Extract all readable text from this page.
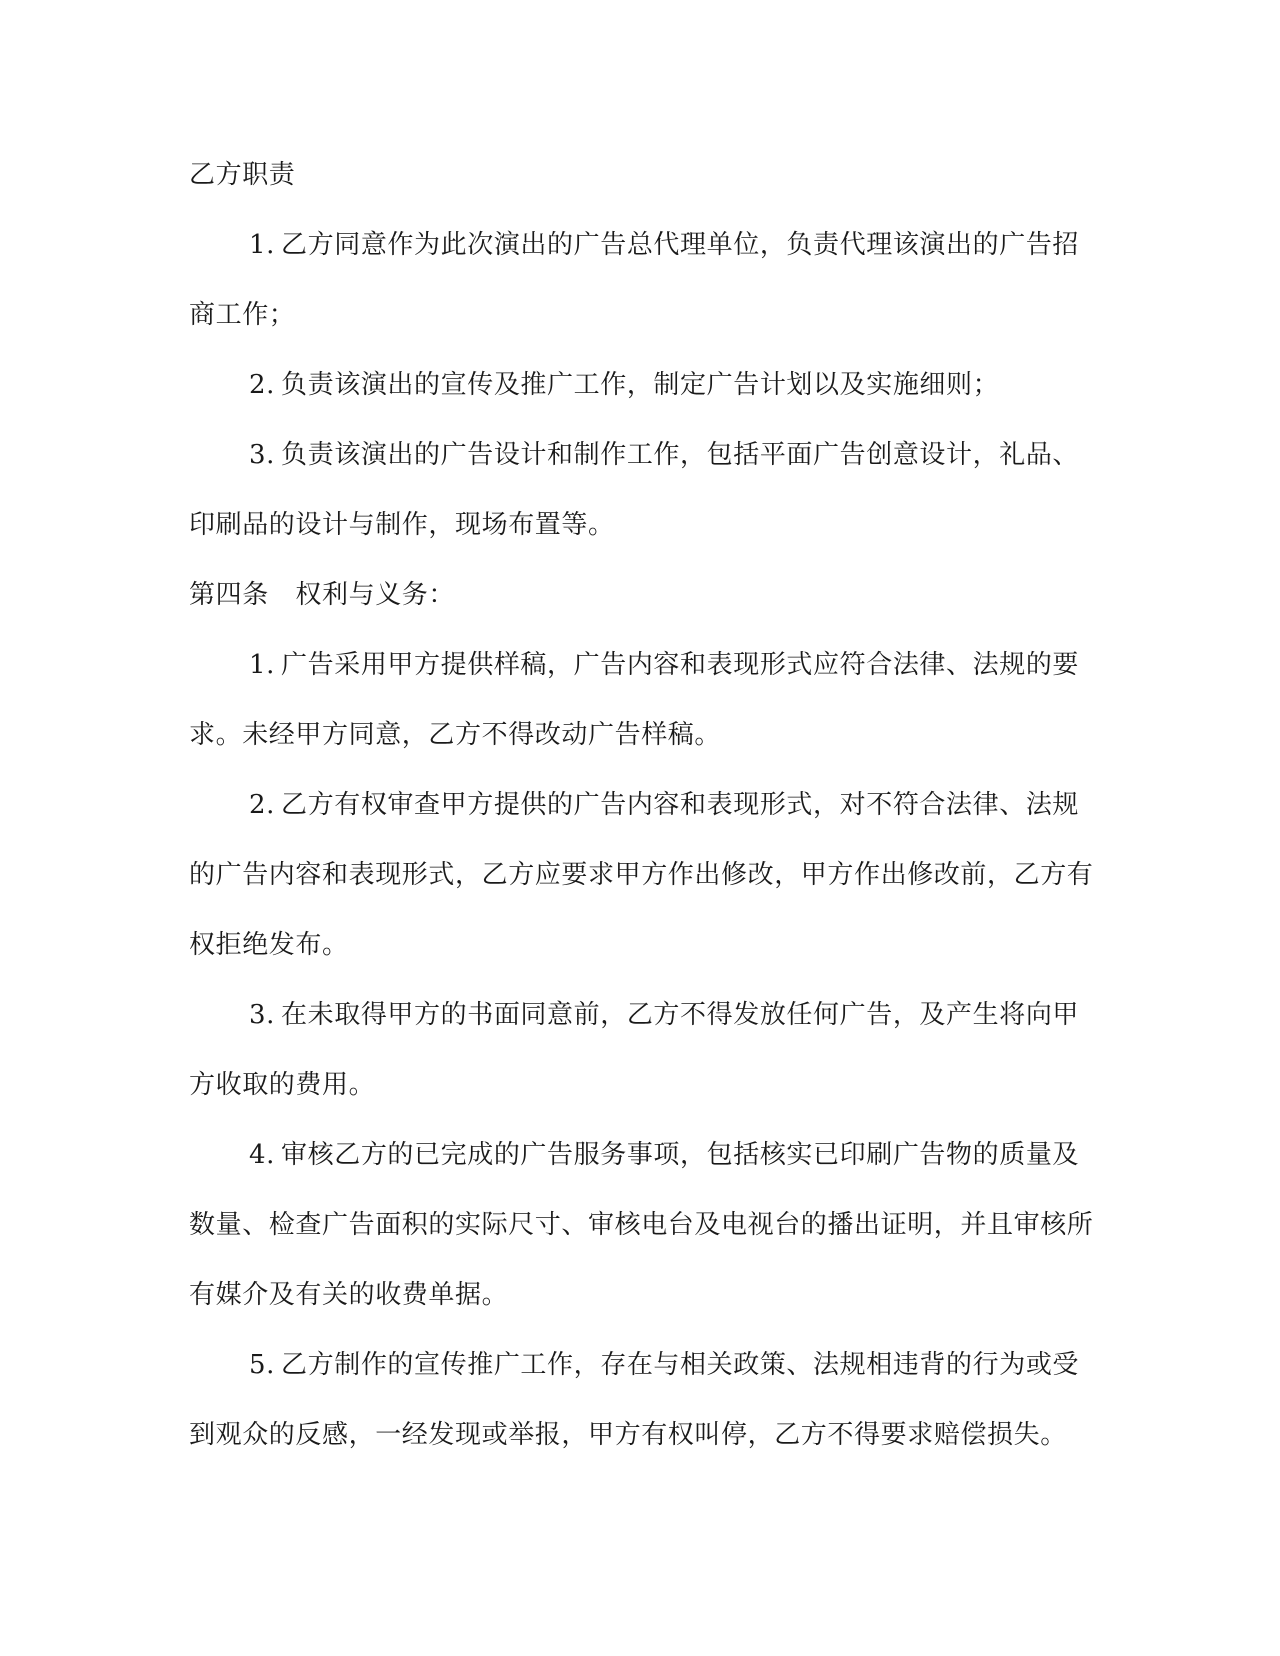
乙方职责

1. 乙方同意作为此次演出的广告总代理单位，负责代理该演出的广告招商工作；

2. 负责该演出的宣传及推广工作，制定广告计划以及实施细则；

3. 负责该演出的广告设计和制作工作，包括平面广告创意设计，礼品、印刷品的设计与制作，现场布置等。

第四条　权利与义务：

1. 广告采用甲方提供样稿，广告内容和表现形式应符合法律、法规的要求。未经甲方同意，乙方不得改动广告样稿。

2. 乙方有权审查甲方提供的广告内容和表现形式，对不符合法律、法规的广告内容和表现形式，乙方应要求甲方作出修改，甲方作出修改前，乙方有权拒绝发布。

3. 在未取得甲方的书面同意前，乙方不得发放任何广告，及产生将向甲方收取的费用。

4. 审核乙方的已完成的广告服务事项，包括核实已印刷广告物的质量及数量、检查广告面积的实际尺寸、审核电台及电视台的播出证明，并且审核所有媒介及有关的收费单据。

5. 乙方制作的宣传推广工作，存在与相关政策、法规相违背的行为或受到观众的反感，一经发现或举报，甲方有权叫停，乙方不得要求赔偿损失。
